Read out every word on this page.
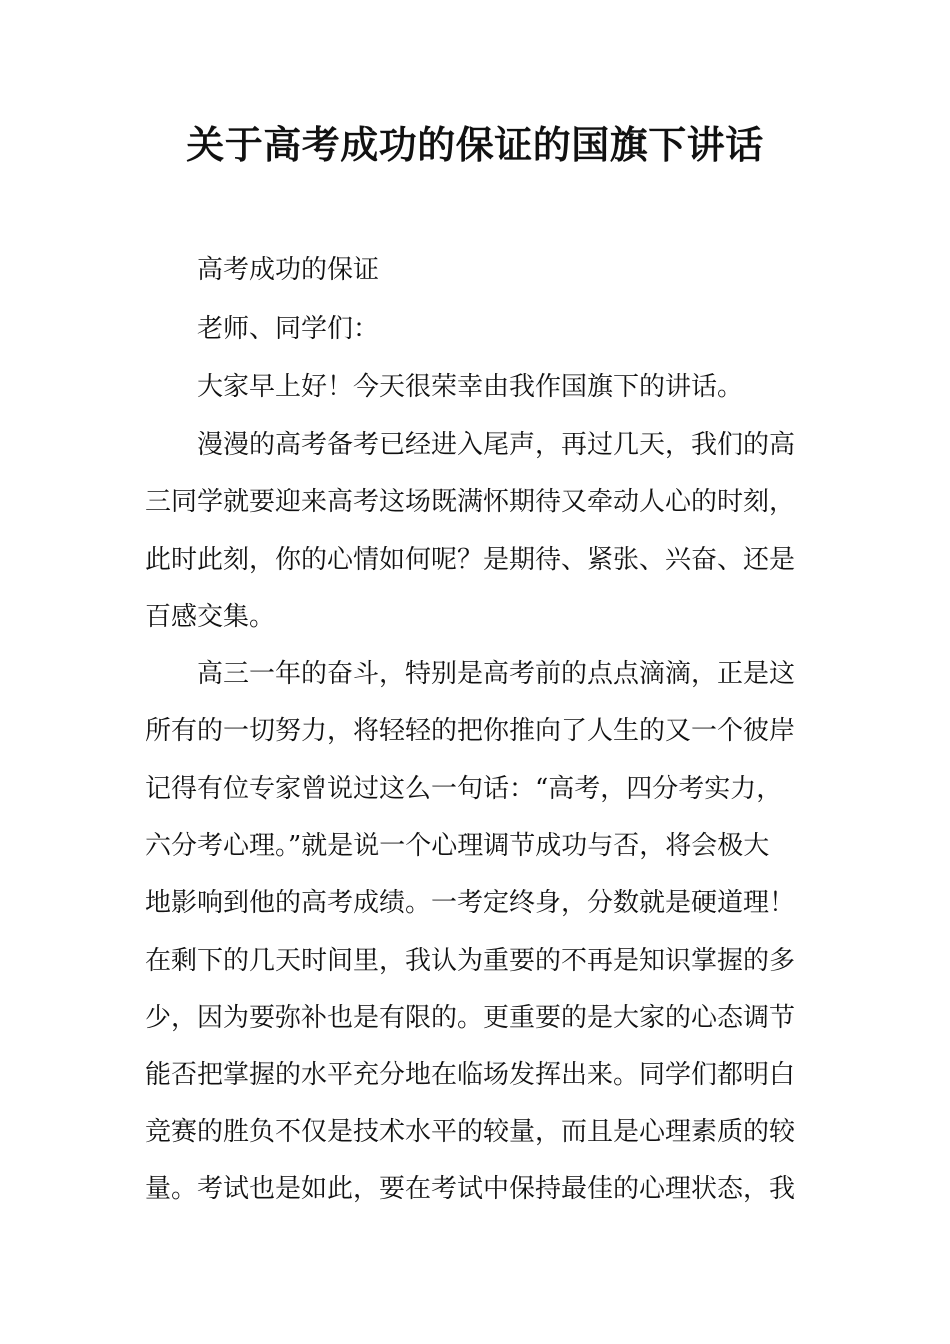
关于高考成功的保证的国旗下讲话
高考成功的保证
老师、同学们：
大家早上好！今天很荣幸由我作国旗下的讲话。
漫漫的高考备考已经进入尾声，再过几天，我们的高
三同学就要迎来高考这场既满怀期待又牵动人心的时刻，
此时此刻，你的心情如何呢？是期待、紧张、兴奋、还是
百感交集。
高三一年的奋斗，特别是高考前的点点滴滴，正是这
所有的一切努力，将轻轻的把你推向了人生的又一个彼岸
记得有位专家曾说过这么一句话：“高考，四分考实力，
六分考心理。”就是说一个心理调节成功与否，将会极大
地影响到他的高考成绩。一考定终身，分数就是硬道理！
在剩下的几天时间里，我认为重要的不再是知识掌握的多
少，因为要弥补也是有限的。更重要的是大家的心态调节
能否把掌握的水平充分地在临场发挥出来。同学们都明白
竞赛的胜负不仅是技术水平的较量，而且是心理素质的较
量。考试也是如此，要在考试中保持最佳的心理状态，我
